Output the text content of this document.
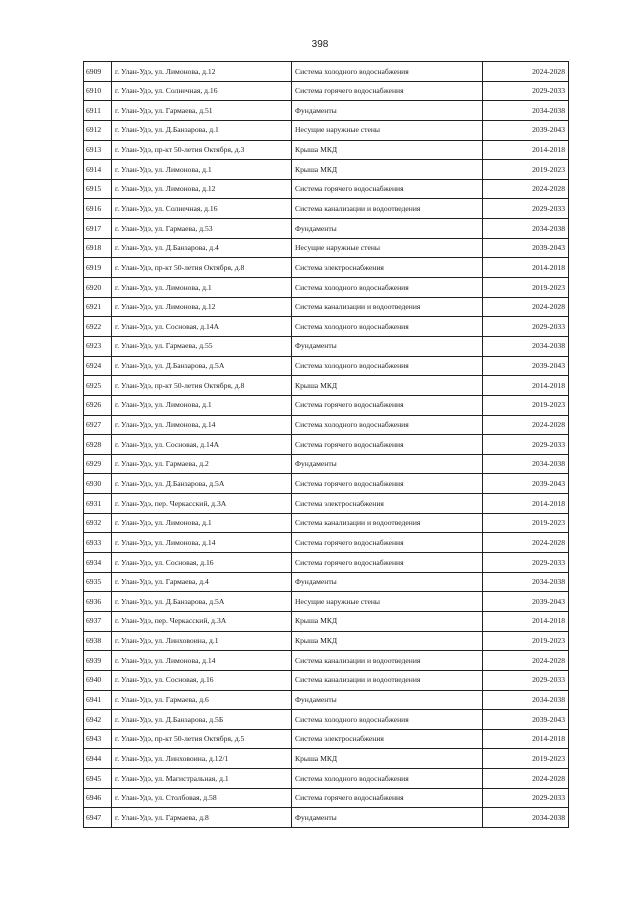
398
6909	г. Улан-Удэ, ул. Лимонова, д.12	Система холодного водоснабжения	2024-2028
6910	г. Улан-Удэ, ул. Солнечная, д.16	Система горячего водоснабжения	2029-2033
6911	г. Улан-Удэ, ул. Гармаева, д.51	Фундаменты	2034-2038
6912	г. Улан-Удэ, ул. Д.Банзарова, д.1	Несущие наружные стены	2039-2043
6913	г. Улан-Удэ, пр-кт 50-летия Октября, д.3	Крыша МКД	2014-2018
6914	г. Улан-Удэ, ул. Лимонова, д.1	Крыша МКД	2019-2023
6915	г. Улан-Удэ, ул. Лимонова, д.12	Система горячего водоснабжения	2024-2028
6916	г. Улан-Удэ, ул. Солнечная, д.16	Система канализации и водоотведения	2029-2033
6917	г. Улан-Удэ, ул. Гармаева, д.53	Фундаменты	2034-2038
6918	г. Улан-Удэ, ул. Д.Банзарова, д.4	Несущие наружные стены	2039-2043
6919	г. Улан-Удэ, пр-кт 50-летия Октября, д.8	Система электроснабжения	2014-2018
6920	г. Улан-Удэ, ул. Лимонова, д.1	Система холодного водоснабжения	2019-2023
6921	г. Улан-Удэ, ул. Лимонова, д.12	Система канализации и водоотведения	2024-2028
6922	г. Улан-Удэ, ул. Сосновая, д.14А	Система холодного водоснабжения	2029-2033
6923	г. Улан-Удэ, ул. Гармаева, д.55	Фундаменты	2034-2038
6924	г. Улан-Удэ, ул. Д.Банзарова, д.5А	Система холодного водоснабжения	2039-2043
6925	г. Улан-Удэ, пр-кт 50-летия Октября, д.8	Крыша МКД	2014-2018
6926	г. Улан-Удэ, ул. Лимонова, д.1	Система горячего водоснабжения	2019-2023
6927	г. Улан-Удэ, ул. Лимонова, д.14	Система холодного водоснабжения	2024-2028
6928	г. Улан-Удэ, ул. Сосновая, д.14А	Система горячего водоснабжения	2029-2033
6929	г. Улан-Удэ, ул. Гармаева, д.2	Фундаменты	2034-2038
6930	г. Улан-Удэ, ул. Д.Банзарова, д.5А	Система горячего водоснабжения	2039-2043
6931	г. Улан-Удэ, пер. Черкасский, д.3А	Система электроснабжения	2014-2018
6932	г. Улан-Удэ, ул. Лимонова, д.1	Система канализации и водоотведения	2019-2023
6933	г. Улан-Удэ, ул. Лимонова, д.14	Система горячего водоснабжения	2024-2028
6934	г. Улан-Удэ, ул. Сосновая, д.16	Система горячего водоснабжения	2029-2033
6935	г. Улан-Удэ, ул. Гармаева, д.4	Фундаменты	2034-2038
6936	г. Улан-Удэ, ул. Д.Банзарова, д.5А	Несущие наружные стены	2039-2043
6937	г. Улан-Удэ, пер. Черкасский, д.3А	Крыша МКД	2014-2018
6938	г. Улан-Удэ, ул. Линховоина, д.1	Крыша МКД	2019-2023
6939	г. Улан-Удэ, ул. Лимонова, д.14	Система канализации и водоотведения	2024-2028
6940	г. Улан-Удэ, ул. Сосновая, д.16	Система канализации и водоотведения	2029-2033
6941	г. Улан-Удэ, ул. Гармаева, д.6	Фундаменты	2034-2038
6942	г. Улан-Удэ, ул. Д.Банзарова, д.5Б	Система холодного водоснабжения	2039-2043
6943	г. Улан-Удэ, пр-кт 50-летия Октября, д.5	Система электроснабжения	2014-2018
6944	г. Улан-Удэ, ул. Линховоина, д.12/1	Крыша МКД	2019-2023
6945	г. Улан-Удэ, ул. Магистральная, д.1	Система холодного водоснабжения	2024-2028
6946	г. Улан-Удэ, ул. Столбовая, д.58	Система горячего водоснабжения	2029-2033
6947	г. Улан-Удэ, ул. Гармаева, д.8	Фундаменты	2034-2038
